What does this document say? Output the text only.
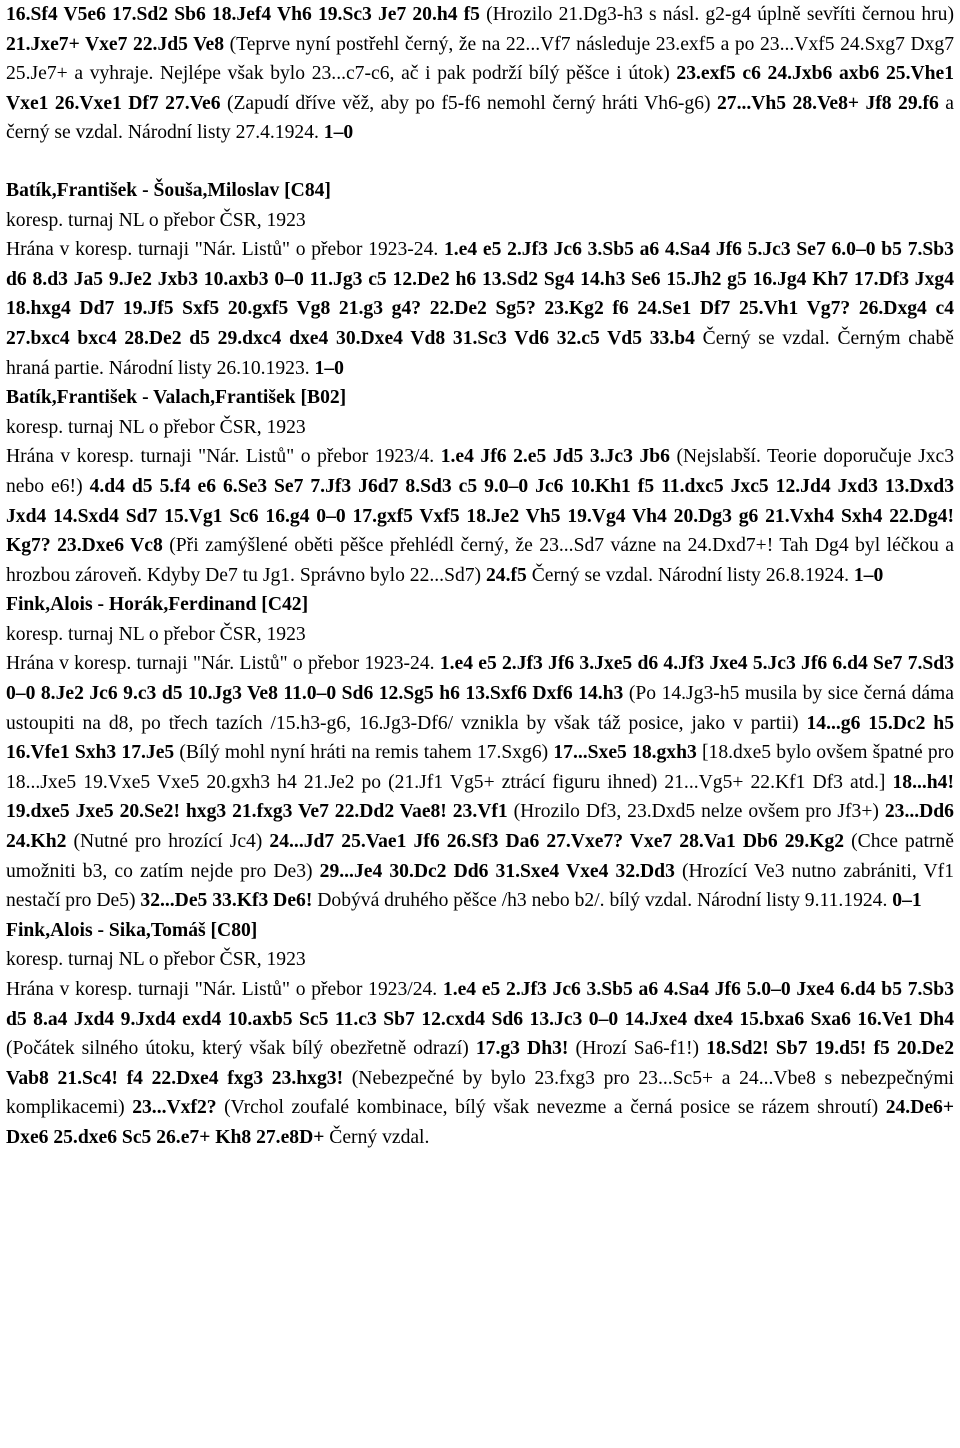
16.Sf4 V5e6 17.Sd2 Sb6 18.Jef4 Vh6 19.Sc3 Je7 20.h4 f5 (Hrozilo 21.Dg3-h3 s násl. g2-g4 úplně sevříti černou hru) 21.Jxe7+ Vxe7 22.Jd5 Ve8 (Teprve nyní postřehl černý, že na 22...Vf7 následuje 23.exf5 a po 23...Vxf5 24.Sxg7 Dxg7 25.Je7+ a vyhraje. Nejlépe však bylo 23...c7-c6, ač i pak podrží bílý pěšce i útok) 23.exf5 c6 24.Jxb6 axb6 25.Vhe1 Vxe1 26.Vxe1 Df7 27.Ve6 (Zapudí dříve věž, aby po f5-f6 nemohl černý hráti Vh6-g6) 27...Vh5 28.Ve8+ Jf8 29.f6 a černý se vzdal. Národní listy 27.4.1924. 1–0

Batík,František - Šouša,Miloslav [C84]
koresp. turnaj NL o přebor ČSR, 1923

Hrána v koresp. turnaji "Nár. Listů" o přebor 1923-24. 1.e4 e5 2.Jf3 Jc6 3.Sb5 a6 4.Sa4 Jf6 5.Jc3 Se7 6.0–0 b5 7.Sb3 d6 8.d3 Ja5 9.Je2 Jxb3 10.axb3 0–0 11.Jg3 c5 12.De2 h6 13.Sd2 Sg4 14.h3 Se6 15.Jh2 g5 16.Jg4 Kh7 17.Df3 Jxg4 18.hxg4 Dd7 19.Jf5 Sxf5 20.gxf5 Vg8 21.g3 g4? 22.De2 Sg5? 23.Kg2 f6 24.Se1 Df7 25.Vh1 Vg7? 26.Dxg4 c4 27.bxc4 bxc4 28.De2 d5 29.dxc4 dxe4 30.Dxe4 Vd8 31.Sc3 Vd6 32.c5 Vd5 33.b4 Černý se vzdal. Černým chabě hraná partie. Národní listy 26.10.1923. 1–0

Batík,František - Valach,František [B02]
koresp. turnaj NL o přebor ČSR, 1923

Hrána v koresp. turnaji "Nár. Listů" o přebor 1923/4. 1.e4 Jf6 2.e5 Jd5 3.Jc3 Jb6 (Nejslabší. Teorie doporučuje Jxc3 nebo e6!) 4.d4 d5 5.f4 e6 6.Se3 Se7 7.Jf3 J6d7 8.Sd3 c5 9.0–0 Jc6 10.Kh1 f5 11.dxc5 Jxc5 12.Jd4 Jxd3 13.Dxd3 Jxd4 14.Sxd4 Sd7 15.Vg1 Sc6 16.g4 0–0 17.gxf5 Vxf5 18.Je2 Vh5 19.Vg4 Vh4 20.Dg3 g6 21.Vxh4 Sxh4 22.Dg4! Kg7? 23.Dxe6 Vc8 (Při zamýšlené oběti pěšce přehlédl černý, že 23...Sd7 vázne na 24.Dxd7+! Tah Dg4 byl léčkou a hrozbou zároveň. Kdyby De7 tu Jg1. Správno bylo 22...Sd7) 24.f5 Černý se vzdal. Národní listy 26.8.1924. 1–0

Fink,Alois - Horák,Ferdinand [C42]
koresp. turnaj NL o přebor ČSR, 1923

Hrána v koresp. turnaji "Nár. Listů" o přebor 1923-24. 1.e4 e5 2.Jf3 Jf6 3.Jxe5 d6 4.Jf3 Jxe4 5.Jc3 Jf6 6.d4 Se7 7.Sd3 0–0 8.Je2 Jc6 9.c3 d5 10.Jg3 Ve8 11.0–0 Sd6 12.Sg5 h6 13.Sxf6 Dxf6 14.h3 (Po 14.Jg3-h5 musila by sice černá dáma ustoupiti na d8, po třech tazích /15.h3-g6, 16.Jg3-Df6/ vznikla by však táž posice, jako v partii) 14...g6 15.Dc2 h5 16.Vfe1 Sxh3 17.Je5 (Bílý mohl nyní hráti na remis tahem 17.Sxg6) 17...Sxe5 18.gxh3 [18.dxe5 bylo ovšem špatné pro 18...Jxe5 19.Vxe5 Vxe5 20.gxh3 h4 21.Je2 po (21.Jf1 Vg5+ ztrácí figuru ihned) 21...Vg5+ 22.Kf1 Df3 atd.] 18...h4! 19.dxe5 Jxe5 20.Se2! hxg3 21.fxg3 Ve7 22.Dd2 Vae8! 23.Vf1 (Hrozilo Df3, 23.Dxd5 nelze ovšem pro Jf3+) 23...Dd6 24.Kh2 (Nutné pro hrozící Jc4) 24...Jd7 25.Vae1 Jf6 26.Sf3 Da6 27.Vxe7? Vxe7 28.Va1 Db6 29.Kg2 (Chce patrně umožniti b3, co zatím nejde pro De3) 29...Je4 30.Dc2 Dd6 31.Sxe4 Vxe4 32.Dd3 (Hrozící Ve3 nutno zabrániti, Vf1 nestačí pro De5) 32...De5 33.Kf3 De6! Dobývá druhého pěšce /h3 nebo b2/. bílý vzdal. Národní listy 9.11.1924. 0–1

Fink,Alois - Sika,Tomáš [C80]
koresp. turnaj NL o přebor ČSR, 1923

Hrána v koresp. turnaji "Nár. Listů" o přebor 1923/24. 1.e4 e5 2.Jf3 Jc6 3.Sb5 a6 4.Sa4 Jf6 5.0–0 Jxe4 6.d4 b5 7.Sb3 d5 8.a4 Jxd4 9.Jxd4 exd4 10.axb5 Sc5 11.c3 Sb7 12.cxd4 Sd6 13.Jc3 0–0 14.Jxe4 dxe4 15.bxa6 Sxa6 16.Ve1 Dh4 (Počátek silného útoku, který však bílý obezřetně odrazí) 17.g3 Dh3! (Hrozí Sa6-f1!) 18.Sd2! Sb7 19.d5! f5 20.De2 Vab8 21.Sc4! f4 22.Dxe4 fxg3 23.hxg3! (Nebezpečné by bylo 23.fxg3 pro 23...Sc5+ a 24...Vbe8 s nebezpečnými komplikacemi) 23...Vxf2? (Vrchol zoufalé kombinace, bílý však nevezme a černá posice se rázem shroutí) 24.De6+ Dxe6 25.dxe6 Sc5 26.e7+ Kh8 27.e8D+ Černý vzdal.
